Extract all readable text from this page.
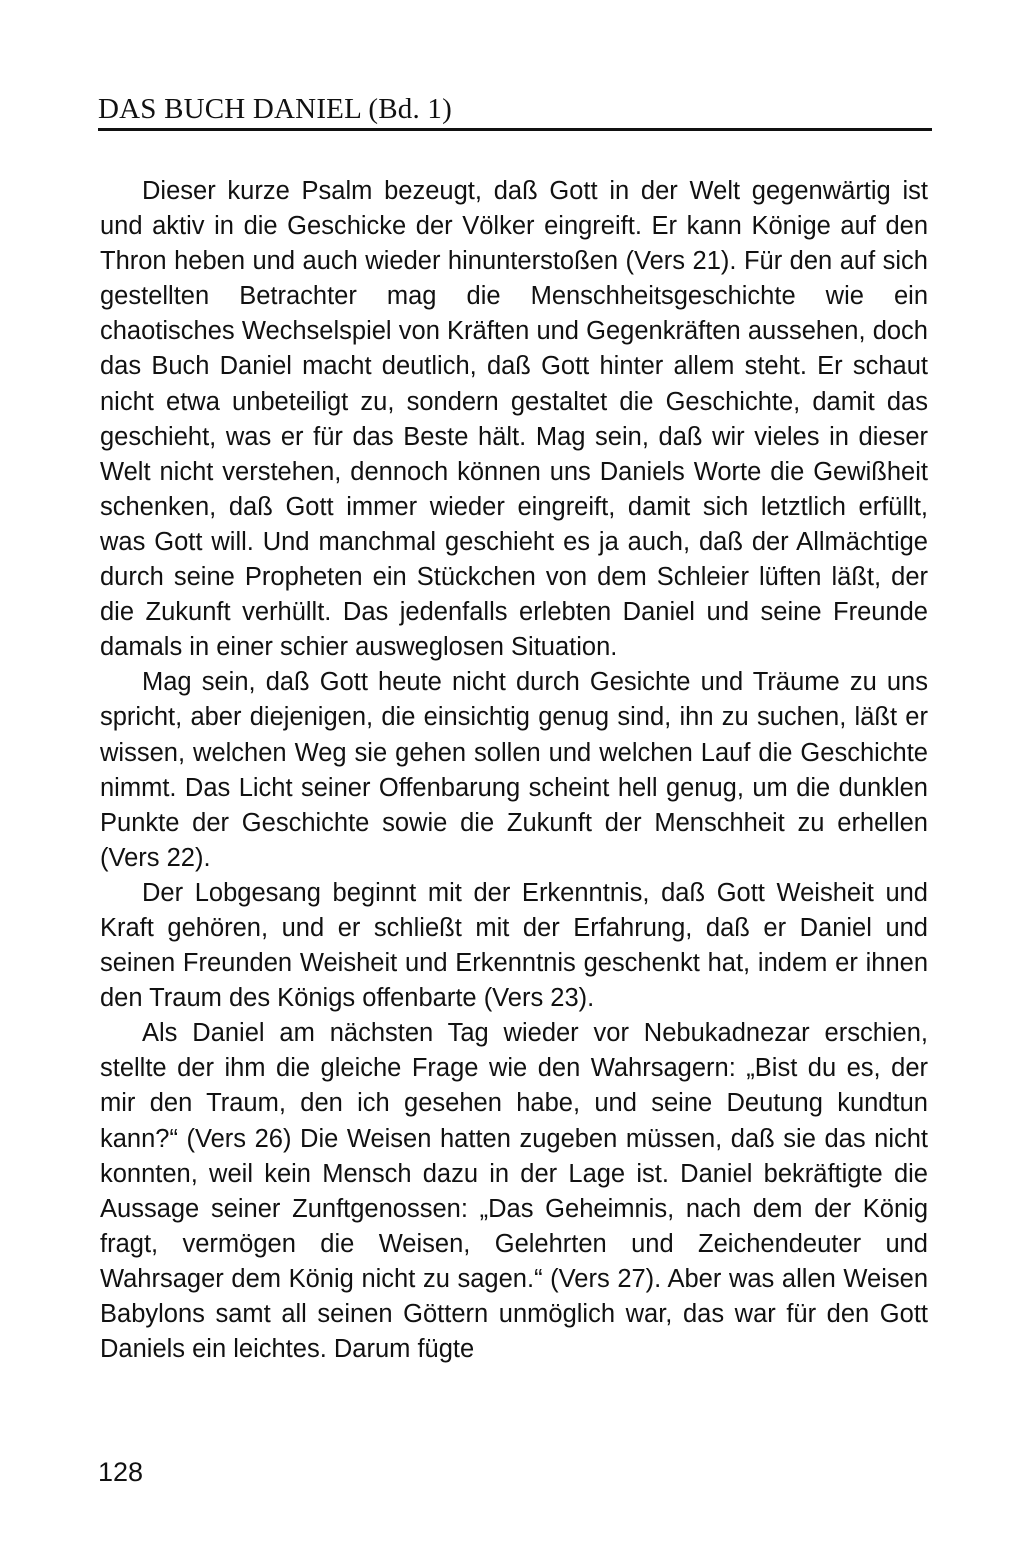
DAS BUCH DANIEL (Bd. 1)

Dieser kurze Psalm bezeugt, daß Gott in der Welt gegenwärtig ist und aktiv in die Geschicke der Völker eingreift. Er kann Könige auf den Thron heben und auch wieder hinunterstoßen (Vers 21). Für den auf sich gestellten Betrachter mag die Menschheitsgeschichte wie ein chaotisches Wechselspiel von Kräften und Gegenkräften aussehen, doch das Buch Daniel macht deutlich, daß Gott hinter allem steht. Er schaut nicht etwa unbeteiligt zu, sondern gestaltet die Geschichte, damit das geschieht, was er für das Beste hält. Mag sein, daß wir vieles in dieser Welt nicht verstehen, dennoch können uns Daniels Worte die Gewißheit schenken, daß Gott immer wieder eingreift, damit sich letztlich erfüllt, was Gott will. Und manchmal geschieht es ja auch, daß der Allmächtige durch seine Propheten ein Stückchen von dem Schleier lüften läßt, der die Zukunft verhüllt. Das jedenfalls erlebten Daniel und seine Freunde damals in einer schier ausweglosen Situation.

Mag sein, daß Gott heute nicht durch Gesichte und Träume zu uns spricht, aber diejenigen, die einsichtig genug sind, ihn zu suchen, läßt er wissen, welchen Weg sie gehen sollen und welchen Lauf die Geschichte nimmt. Das Licht seiner Offenbarung scheint hell genug, um die dunklen Punkte der Geschichte sowie die Zukunft der Menschheit zu erhellen (Vers 22).

Der Lobgesang beginnt mit der Erkenntnis, daß Gott Weisheit und Kraft gehören, und er schließt mit der Erfahrung, daß er Daniel und seinen Freunden Weisheit und Erkenntnis geschenkt hat, indem er ihnen den Traum des Königs offenbarte (Vers 23).

Als Daniel am nächsten Tag wieder vor Nebukadnezar erschien, stellte der ihm die gleiche Frage wie den Wahrsagern: „Bist du es, der mir den Traum, den ich gesehen habe, und seine Deutung kundtun kann?“ (Vers 26) Die Weisen hatten zugeben müssen, daß sie das nicht konnten, weil kein Mensch dazu in der Lage ist. Daniel bekräftigte die Aussage seiner Zunftgenossen: „Das Geheimnis, nach dem der König fragt, vermögen die Weisen, Gelehrten und Zeichendeuter und Wahrsager dem König nicht zu sagen.“ (Vers 27). Aber was allen Weisen Babylons samt all seinen Göttern unmöglich war, das war für den Gott Daniels ein leichtes. Darum fügte

128
